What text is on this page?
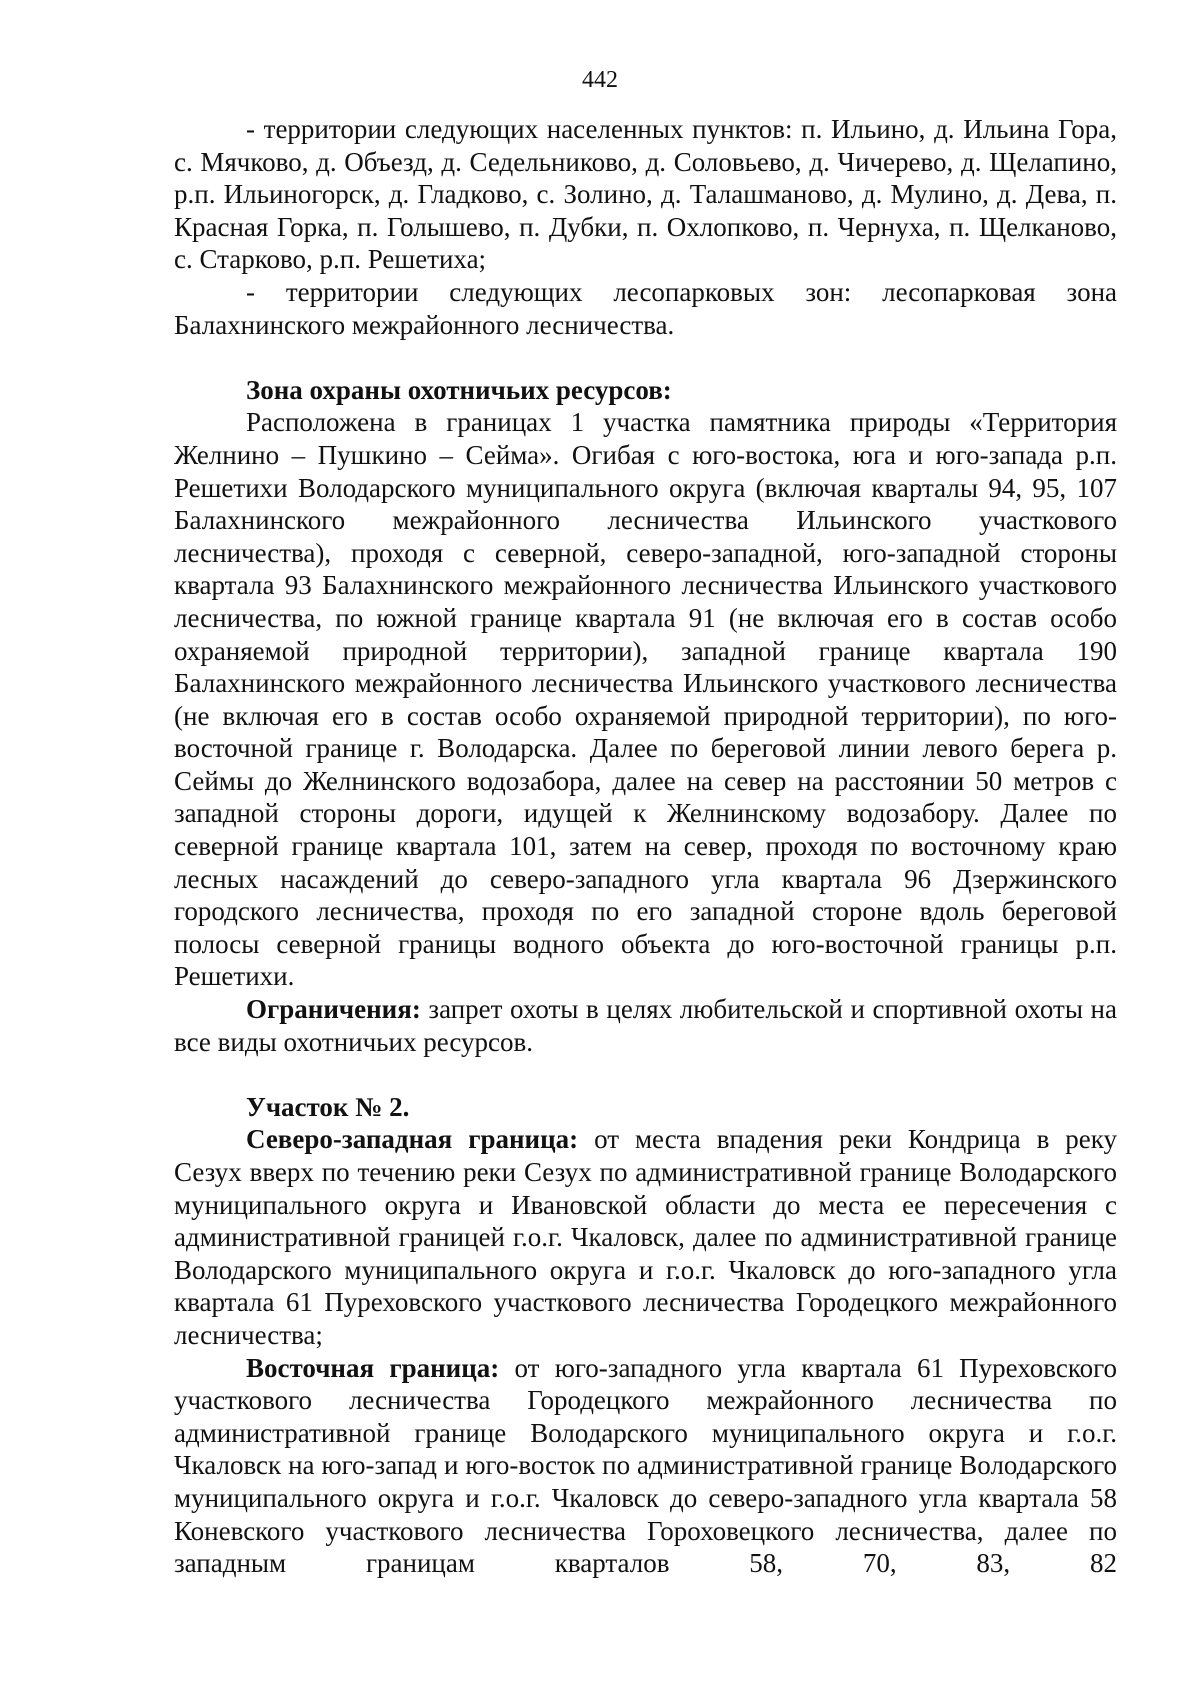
442

- территории следующих населенных пунктов: п. Ильино, д. Ильина Гора, с. Мячково, д. Объезд, д. Седельниково, д. Соловьево, д. Чичерево, д. Щелапино, р.п. Ильиногорск, д. Гладково, с. Золино, д. Талашманово, д. Мулино, д. Дева, п. Красная Горка, п. Голышево, п. Дубки, п. Охлопково, п. Чернуха, п. Щелканово, с. Старково, р.п. Решетиха;

- территории следующих лесопарковых зон: лесопарковая зона Балахнинского межрайонного лесничества.

Зона охраны охотничьих ресурсов:

Расположена в границах 1 участка памятника природы «Территория Желнино – Пушкино – Сейма». Огибая с юго-востока, юга и юго-запада р.п. Решетихи Володарского муниципального округа (включая кварталы 94, 95, 107 Балахнинского межрайонного лесничества Ильинского участкового лесничества), проходя с северной, северо-западной, юго-западной стороны квартала 93 Балахнинского межрайонного лесничества Ильинского участкового лесничества, по южной границе квартала 91 (не включая его в состав особо охраняемой природной территории), западной границе квартала 190 Балахнинского межрайонного лесничества Ильинского участкового лесничества (не включая его в состав особо охраняемой природной территории), по юго-восточной границе г. Володарска. Далее по береговой линии левого берега р. Сеймы до Желнинского водозабора, далее на север на расстоянии 50 метров с западной стороны дороги, идущей к Желнинскому водозабору. Далее по северной границе квартала 101, затем на север, проходя по восточному краю лесных насаждений до северо-западного угла квартала 96 Дзержинского городского лесничества, проходя по его западной стороне вдоль береговой полосы северной границы водного объекта до юго-восточной границы р.п. Решетихи.

Ограничения: запрет охоты в целях любительской и спортивной охоты на все виды охотничьих ресурсов.

Участок № 2.

Северо-западная граница: от места впадения реки Кондрица в реку Сезух вверх по течению реки Сезух по административной границе Володарского муниципального округа и Ивановской области до места ее пересечения с административной границей г.о.г. Чкаловск, далее по административной границе Володарского муниципального округа и г.о.г. Чкаловск до юго-западного угла квартала 61 Пуреховского участкового лесничества Городецкого межрайонного лесничества;

Восточная граница: от юго-западного угла квартала 61 Пуреховского участкового лесничества Городецкого межрайонного лесничества по административной границе Володарского муниципального округа и г.о.г. Чкаловск на юго-запад и юго-восток по административной границе Володарского муниципального округа и г.о.г. Чкаловск до северо-западного угла квартала 58 Коневского участкового лесничества Гороховецкого лесничества, далее по западным границам кварталов 58, 70, 83, 82
